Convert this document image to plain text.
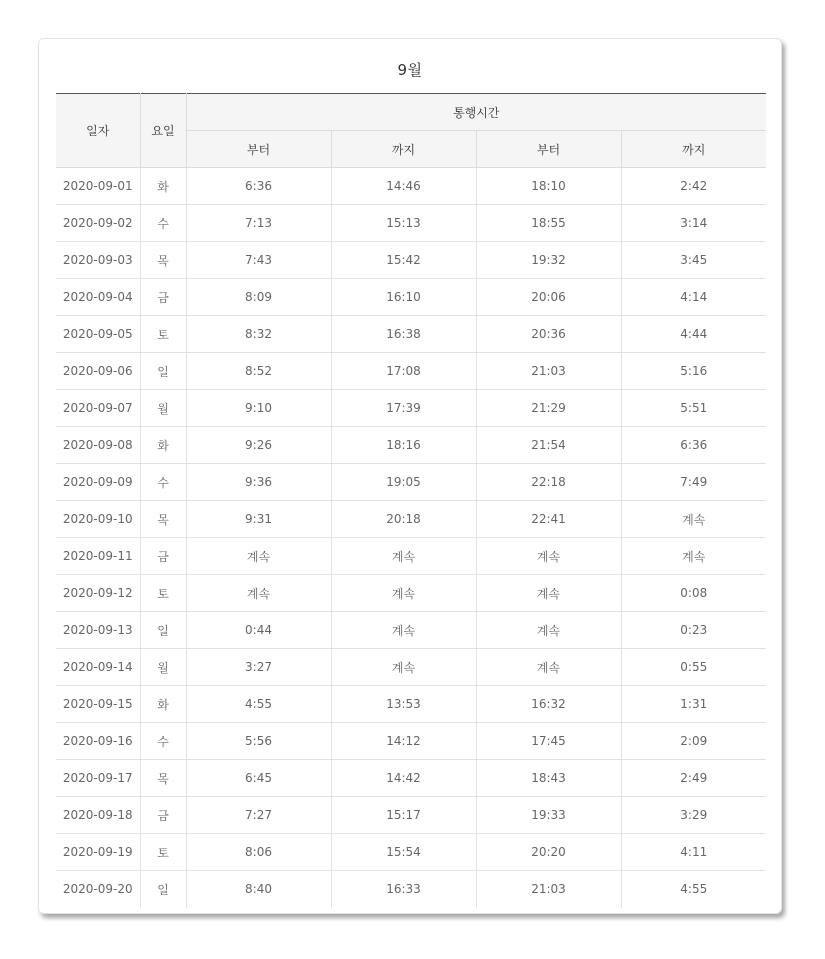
9월
일자	요일	통행시간			
		부터	까지	부터	까지
2020-09-01	화	6:36	14:46	18:10	2:42
2020-09-02	수	7:13	15:13	18:55	3:14
2020-09-03	목	7:43	15:42	19:32	3:45
2020-09-04	금	8:09	16:10	20:06	4:14
2020-09-05	토	8:32	16:38	20:36	4:44
2020-09-06	일	8:52	17:08	21:03	5:16
2020-09-07	월	9:10	17:39	21:29	5:51
2020-09-08	화	9:26	18:16	21:54	6:36
2020-09-09	수	9:36	19:05	22:18	7:49
2020-09-10	목	9:31	20:18	22:41	계속
2020-09-11	금	계속	계속	계속	계속
2020-09-12	토	계속	계속	계속	0:08
2020-09-13	일	0:44	계속	계속	0:23
2020-09-14	월	3:27	계속	계속	0:55
2020-09-15	화	4:55	13:53	16:32	1:31
2020-09-16	수	5:56	14:12	17:45	2:09
2020-09-17	목	6:45	14:42	18:43	2:49
2020-09-18	금	7:27	15:17	19:33	3:29
2020-09-19	토	8:06	15:54	20:20	4:11
2020-09-20	일	8:40	16:33	21:03	4:55
